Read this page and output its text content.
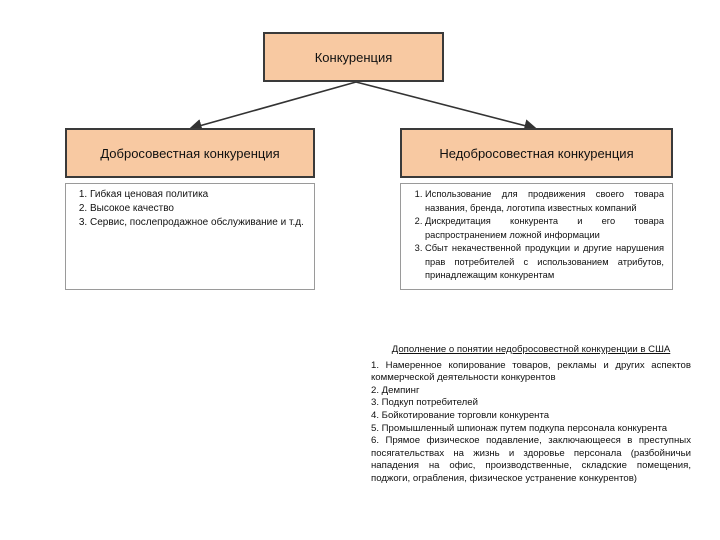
Конкуренция
Добросовестная конкуренция	Недобросовестная конкуренция
1. Гибкая ценовая политика
2. Высокое качество
3. Сервис, послепродажное обслуживание и т.д.
1. Использование для продвижения своего товара названия, бренда, логотипа известных компаний
2. Дискредитация конкурента и его товара распространением ложной информации
3. Сбыт некачественной продукции и другие нарушения прав потребителей с использованием атрибутов, принадлежащим конкурентам
Дополнение о понятии недобросовестной конкуренции в США
1. Намеренное копирование товаров, рекламы и других аспектов коммерческой деятельности конкурентов
2. Демпинг
3. Подкуп потребителей
4. Бойкотирование торговли конкурента
5. Промышленный шпионаж путем подкупа персонала конкурента
6. Прямое физическое подавление, заключающееся в преступных посягательствах на жизнь и здоровье персонала (разбойничьи нападения на офис, производственные, складские помещения, поджоги, ограбления, физическое устранение конкурентов)
